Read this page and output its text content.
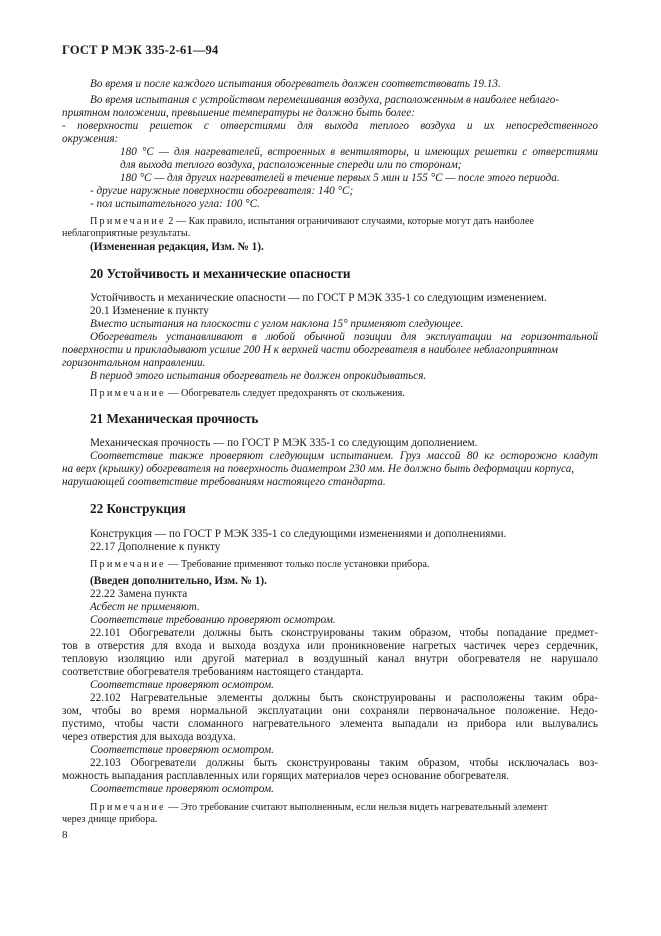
ГОСТ Р МЭК 335-2-61—94
Во время и после каждого испытания обогреватель должен соответствовать 19.13.
Во время испытания с устройством перемешивания воздуха, расположенным в наиболее неблаго-
приятном положении, превышение температуры не должно быть более:
- поверхности решеток с отверстиями для выхода теплого воздуха и их непосредственного
окружения:
180 °С — для нагревателей, встроенных в вентиляторы, и имеющих решетки с отверстиями
для выхода теплого воздуха, расположенные спереди или по сторонам;
180 °С — для других нагревателей в течение первых 5 мин и 155 °С — после этого периода.
- другие наружные поверхности обогревателя: 140 °С;
- пол испытательного угла: 100 °С.
Примечание 2 — Как правило, испытания ограничивают случаями, которые могут дать наиболее
неблагоприятные результаты.
(Измененная редакция, Изм. № 1).
20 Устойчивость и механические опасности
Устойчивость и механические опасности — по ГОСТ Р МЭК 335-1 со следующим изменением.
20.1 Изменение к пункту
Вместо испытания на плоскости с углом наклона 15° применяют следующее.
Обогреватель устанавливают в любой обычной позиции для эксплуатации на горизонтальной
поверхности и прикладывают усилие 200 Н к верхней части обогревателя в наиболее неблагоприятном
горизонтальном направлении.
В период этого испытания обогреватель не должен опрокидываться.
Примечание — Обогреватель следует предохранять от скольжения.
21 Механическая прочность
Механическая прочность — по ГОСТ Р МЭК 335-1 со следующим дополнением.
Соответствие также проверяют следующим испытанием. Груз массой 80 кг осторожно кладут
на верх (крышку) обогревателя на поверхность диаметром 230 мм. Не должно быть деформации корпуса,
нарушающей соответствие требованиям настоящего стандарта.
22 Конструкция
Конструкция — по ГОСТ Р МЭК 335-1 со следующими изменениями и дополнениями.
22.17 Дополнение к пункту
Примечание — Требование применяют только после установки прибора.
(Введен дополнительно, Изм. № 1).
22.22 Замена пункта
Асбест не применяют.
Соответствие требованию проверяют осмотром.
22.101 Обогреватели должны быть сконструированы таким образом, чтобы попадание предмет-
тов в отверстия для входа и выхода воздуха или проникновение нагретых частичек через сердечник,
тепловую изоляцию или другой материал в воздушный канал внутри обогревателя не нарушало
соответствие обогревателя требованиям настоящего стандарта.
Соответствие проверяют осмотром.
22.102 Нагревательные элементы должны быть сконструированы и расположены таким обра-
зом, чтобы во время нормальной эксплуатации они сохраняли первоначальное положение. Недо-
пустимо, чтобы части сломанного нагревательного элемента выпадали из прибора или вылувались
через отверстия для выхода воздуха.
Соответствие проверяют осмотром.
22.103 Обогреватели должны быть сконструированы таким образом, чтобы исключалась воз-
можность выпадания расплавленных или горящих материалов через основание обогревателя.
Соответствие проверяют осмотром.
Примечание — Это требование считают выполненным, если нельзя видеть нагревательный элемент
через днище прибора.
8
